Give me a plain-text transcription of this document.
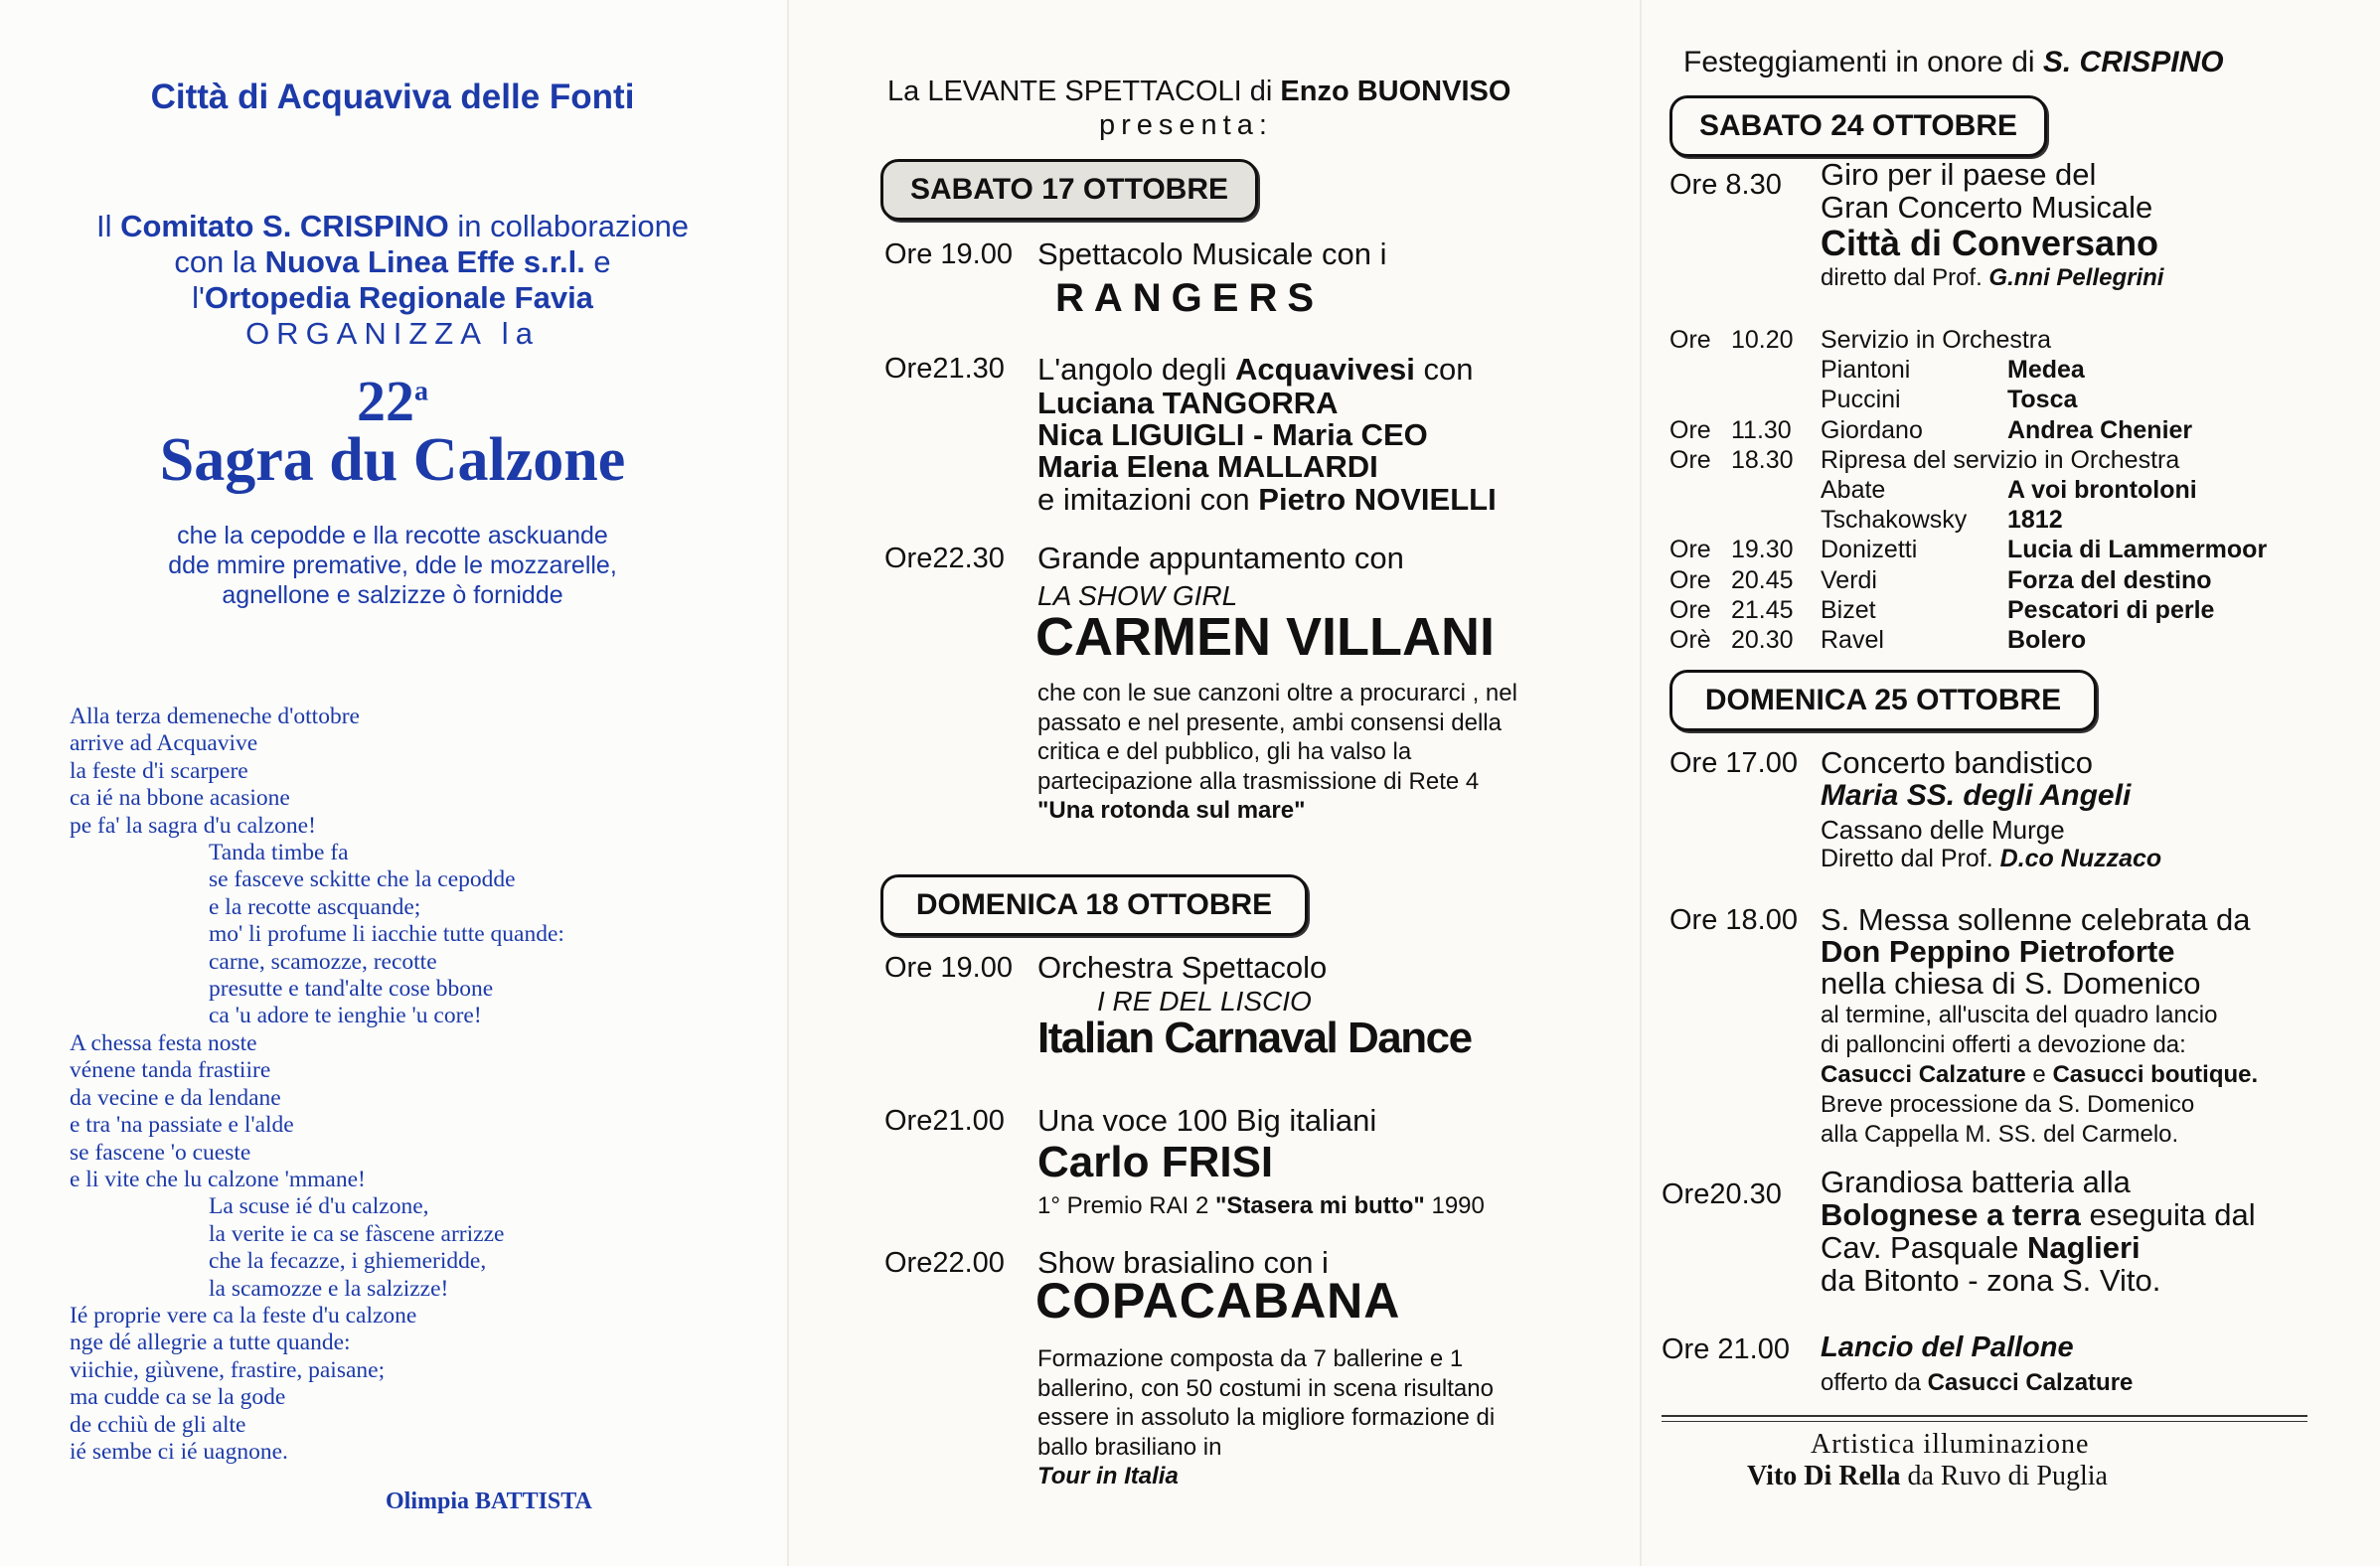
Città di Acquaviva delle Fonti
Il Comitato S. CRISPINO in collaborazione
con la Nuova Linea Effe s.r.l. e
l'Ortopedia Regionale Favia
ORGANIZZA la
22$^a$
Sagra du Calzone
che la cepodde e lla recotte asckuande
dde mmire premative, dde le mozzarelle,
agnellone e salzizze ò fornidde
Alla terza demeneche d'ottobre
arrive ad Acquavive
la feste d'i scarpere
ca ié na bbone acasione
pe fa' la sagra d'u calzone!
Tanda timbe fa
se fasceve sckitte che la cepodde
e la recotte ascquande;
mo' li profume li iacchie tutte quande:
carne, scamozze, recotte
presutte e tand'alte cose bbone
ca 'u adore te ienghie 'u core!
A chessa festa noste
vénene tanda frastiire
da vecine e da lendane
e tra 'na passiate e l'alde
se fascene 'o cueste
e li vite che lu calzone 'mmane!
La scuse ié d'u calzone,
la verite ie ca se fàscene arrizze
che la fecazze, i ghiemeridde,
la scamozze e la salzizze!
Ié proprie vere ca la feste d'u calzone
nge dé allegrie a tutte quande:
viichie, giùvene, frastire, paisane;
ma cudde ca se la gode
de cchiù de gli alte
ié sembe ci ié uagnone.
Olimpia BATTISTA
La LEVANTE SPETTACOLI di Enzo BUONVISO
presenta:
SABATO 17 OTTOBRE
Ore 19.00 Spettacolo Musicale con i
RANGERS
Ore21.30 L'angolo degli Acquavivesi con
Luciana TANGORRA
Nica LIGUIGLI - Maria CEO
Maria Elena MALLARDI
e imitazioni con Pietro NOVIELLI
Ore22.30 Grande appuntamento con
LA SHOW GIRL
CARMEN VILLANI
che con le sue canzoni oltre a procurarci , nel passato e nel presente, ambi consensi della critica e del pubblico, gli ha valso la partecipazione alla trasmissione di Rete 4 "Una rotonda sul mare"
DOMENICA 18 OTTOBRE
Ore 19.00 Orchestra Spettacolo
I RE DEL LISCIO
Italian Carnaval Dance
Ore21.00 Una voce 100 Big italiani
Carlo FRISI
1° Premio RAI 2 "Stasera mi butto" 1990
Ore22.00 Show brasialino con i
COPACABANA
Formazione composta da 7 ballerine e 1 ballerino, con 50 costumi in scena risultano essere in assoluto la migliore formazione di ballo brasiliano in
Tour in Italia
Festeggiamenti in onore di S. CRISPINO
SABATO 24 OTTOBRE
Ore 8.30 Giro per il paese del
Gran Concerto Musicale
Città di Conversano
diretto dal Prof. G.nni Pellegrini
Ore 10.20 Servizio in Orchestra
Piantoni	Medea
Puccini	Tosca
Ore 11.30 Giordano	Andrea Chenier
Ore 18.30 Ripresa del servizio in Orchestra
Abate	A voi brontoloni
Tschakowsky 1812
Ore 19.30 Donizetti	Lucia di Lammermoor
Ore 20.45 Verdi	Forza del destino
Ore 21.45 Bizet	Pescatori di perle
Orè 20.30 Ravel	Bolero
DOMENICA 25 OTTOBRE
Ore 17.00 Concerto bandistico
Maria SS. degli Angeli
Cassano delle Murge
Diretto dal Prof. D.co Nuzzaco
Ore 18.00 S. Messa sollenne celebrata da
Don Peppino Pietroforte
nella chiesa di S. Domenico
al termine, all'uscita del quadro lancio
di palloncini offerti a devozione da:
Casucci Calzature e Casucci boutique.
Breve processione da S. Domenico
alla Cappella M. SS. del Carmelo.
Ore20.30 Grandiosa batteria alla
Bolognese a terra eseguita dal
Cav. Pasquale Naglieri
da Bitonto - zona S. Vito.
Ore 21.00 Lancio del Pallone
offerto da Casucci Calzature
Artistica illuminazione
Vito Di Rella da Ruvo di Puglia
